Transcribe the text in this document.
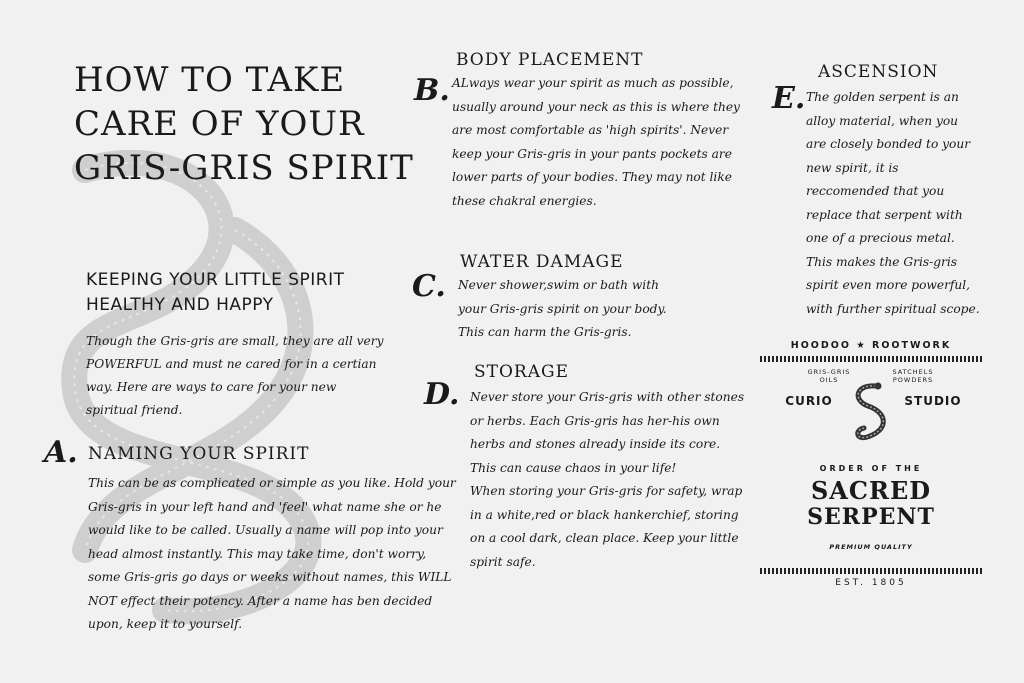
HOW TO TAKE CARE OF YOUR GRIS-GRIS SPIRIT
KEEPING YOUR LITTLE SPIRIT HEALTHY AND HAPPY
Though the Gris-gris are small, they are all very POWERFUL and must ne cared for in a certian way. Here are ways to care for your new spiritual friend.
A. NAMING YOUR SPIRIT
This can be as complicated or simple as you like. Hold your Gris-gris in your left hand and 'feel' what name she or he would like to be called. Usually a name will pop into your head almost instantly. This may take time, don't worry, some Gris-gris go days or weeks without names, this WILL NOT effect their potency. After a name has ben decided upon, keep it to yourself.
BODY PLACEMENT
B. ALways wear your spirit as much as possible, usually around your neck as this is where they are most comfortable as 'high spirits'. Never keep your Gris-gris in your pants pockets are lower parts of your bodies. They may not like these chakral energies.
WATER DAMAGE
C. Never shower,swim or bath with
your Gris-gris spirit on your body.
This can harm the Gris-gris.
STORAGE
D. Never store your Gris-gris with other stones or herbs. Each Gris-gris has her-his own herbs and stones already inside its core.
This can cause chaos in your life!
When storing your Gris-gris for safety, wrap in a white,red or black hankerchief, storing on a cool dark, clean place. Keep your little spirit safe.
ASCENSION
E. The golden serpent is an alloy material, when you are closely bonded to your new spirit, it is reccomended that you replace that serpent with one of a precious metal. This makes the Gris-gris spirit even more powerful, with further spiritual scope.
HOODOO ★ ROOTWORK
GRIS-GRIS
OILS
SATCHELS
POWDERS
CURIO	STUDIO
ORDER OF THE
SACRED
SERPENT
PREMIUM QUALITY
EST. 1805
